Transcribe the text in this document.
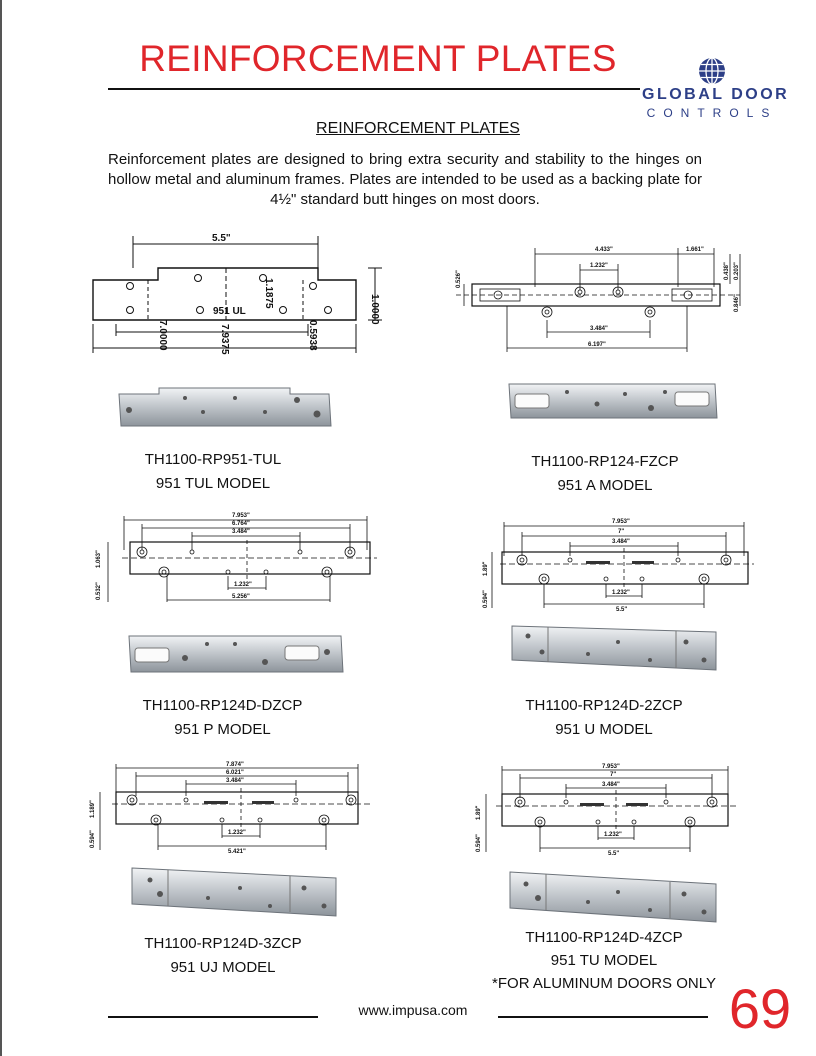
REINFORCEMENT PLATES
GLOBAL DOOR
CONTROLS
REINFORCEMENT PLATES
Reinforcement plates are designed to bring extra security and stability to the hinges on hollow metal and aluminum frames. Plates are intended to be used as a backing plate for 4½" standard butt hinges on most doors.
5.5"
951 UL
1.1875
1.0000
7.0000	7.9375	0.5938
TH1100-RP951-TUL
951 TUL MODEL
4.433"	1.661"
1.232"
3.484"
6.197"
0.526"	0.438" 0.203"
0.846"
TH1100-RP124-FZCP
951 A MODEL
7.953"
6.764"
3.484"
1.232"
5.256"
1.063"
0.532"
TH1100-RP124D-DZCP
951 P MODEL
7.953"
7"
3.484"
1.232"
5.5"
1.89"
0.594"
TH1100-RP124D-2ZCP
951 U MODEL
7.874"
6.021"
3.484"
1.232"
5.421"
1.189"
0.594"
TH1100-RP124D-3ZCP
951 UJ MODEL
7.953"
7"
3.484"
1.232"
5.5"
1.89"
0.594"
TH1100-RP124D-4ZCP
951 TU MODEL
*FOR ALUMINUM DOORS ONLY
www.impusa.com	69
